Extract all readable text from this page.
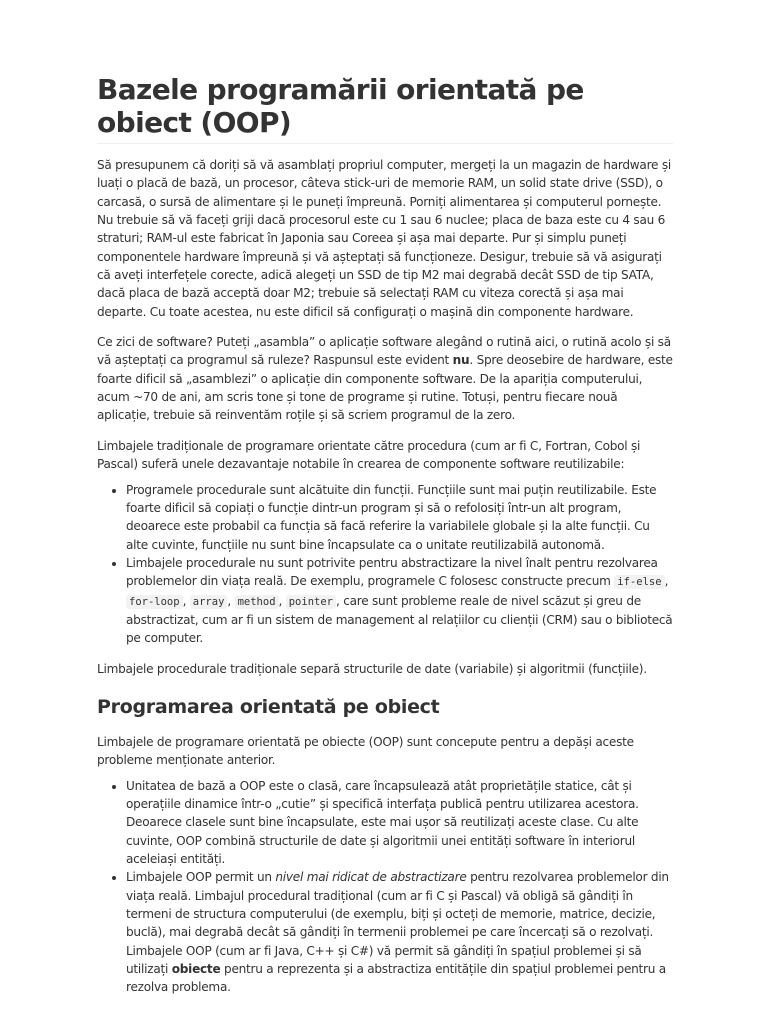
Bazele programării orientată pe obiect (OOP)

Să presupunem că doriți să vă asamblați propriul computer, mergeți la un magazin de hardware și luați o placă de bază, un procesor, câteva stick-uri de memorie RAM, un solid state drive (SSD), o carcasă, o sursă de alimentare și le puneți împreună. Porniți alimentarea și computerul pornește. Nu trebuie să vă faceți griji dacă procesorul este cu 1 sau 6 nuclee; placa de baza este cu 4 sau 6 straturi; RAM-ul este fabricat în Japonia sau Coreea și așa mai departe. Pur și simplu puneți componentele hardware împreună și vă așteptați să funcționeze. Desigur, trebuie să vă asigurați că aveți interfețele corecte, adică alegeți un SSD de tip M2 mai degrabă decât SSD de tip SATA, dacă placa de bază acceptă doar M2; trebuie să selectați RAM cu viteza corectă și așa mai departe. Cu toate acestea, nu este dificil să configurați o mașină din componente hardware.

Ce zici de software? Puteți „asambla” o aplicație software alegând o rutină aici, o rutină acolo și să vă așteptați ca programul să ruleze? Raspunsul este evident nu. Spre deosebire de hardware, este foarte dificil să „asamblezi” o aplicație din componente software. De la apariția computerului, acum ~70 de ani, am scris tone și tone de programe și rutine. Totuși, pentru fiecare nouă aplicație, trebuie să reinventăm roțile și să scriem programul de la zero.

Limbajele tradiționale de programare orientate către procedura (cum ar fi C, Fortran, Cobol și Pascal) suferă unele dezavantaje notabile în crearea de componente software reutilizabile:

• Programele procedurale sunt alcătuite din funcții. Funcțiile sunt mai puțin reutilizabile. Este foarte dificil să copiați o funcție dintr-un program și să o refolosiți într-un alt program, deoarece este probabil ca funcția să facă referire la variabilele globale și la alte funcții. Cu alte cuvinte, funcțiile nu sunt bine încapsulate ca o unitate reutilizabilă autonomă.
• Limbajele procedurale nu sunt potrivite pentru abstractizare la nivel înalt pentru rezolvarea problemelor din viața reală. De exemplu, programele C folosesc constructe precum if-else , for-loop , array , method , pointer , care sunt probleme reale de nivel scăzut și greu de abstractizat, cum ar fi un sistem de management al relațiilor cu clienții (CRM) sau o bibliotecă pe computer.

Limbajele procedurale tradiționale separă structurile de date (variabile) și algoritmii (funcțiile).

Programarea orientată pe obiect

Limbajele de programare orientată pe obiecte (OOP) sunt concepute pentru a depăși aceste probleme menționate anterior.

• Unitatea de bază a OOP este o clasă, care încapsulează atât proprietățile statice, cât și operațiile dinamice într-o „cutie” și specifică interfața publică pentru utilizarea acestora. Deoarece clasele sunt bine încapsulate, este mai ușor să reutilizați aceste clase. Cu alte cuvinte, OOP combină structurile de date și algoritmii unei entități software în interiorul aceleiași entități.
• Limbajele OOP permit un nivel mai ridicat de abstractizare pentru rezolvarea problemelor din viața reală. Limbajul procedural tradițional (cum ar fi C și Pascal) vă obligă să gândiți în termeni de structura computerului (de exemplu, biți și octeți de memorie, matrice, decizie, buclă), mai degrabă decât să gândiți în termenii problemei pe care încercați să o rezolvați. Limbajele OOP (cum ar fi Java, C++ și C#) vă permit să gândiți în spațiul problemei și să utilizați obiecte pentru a reprezenta și a abstractiza entitățile din spațiul problemei pentru a rezolva problema.
